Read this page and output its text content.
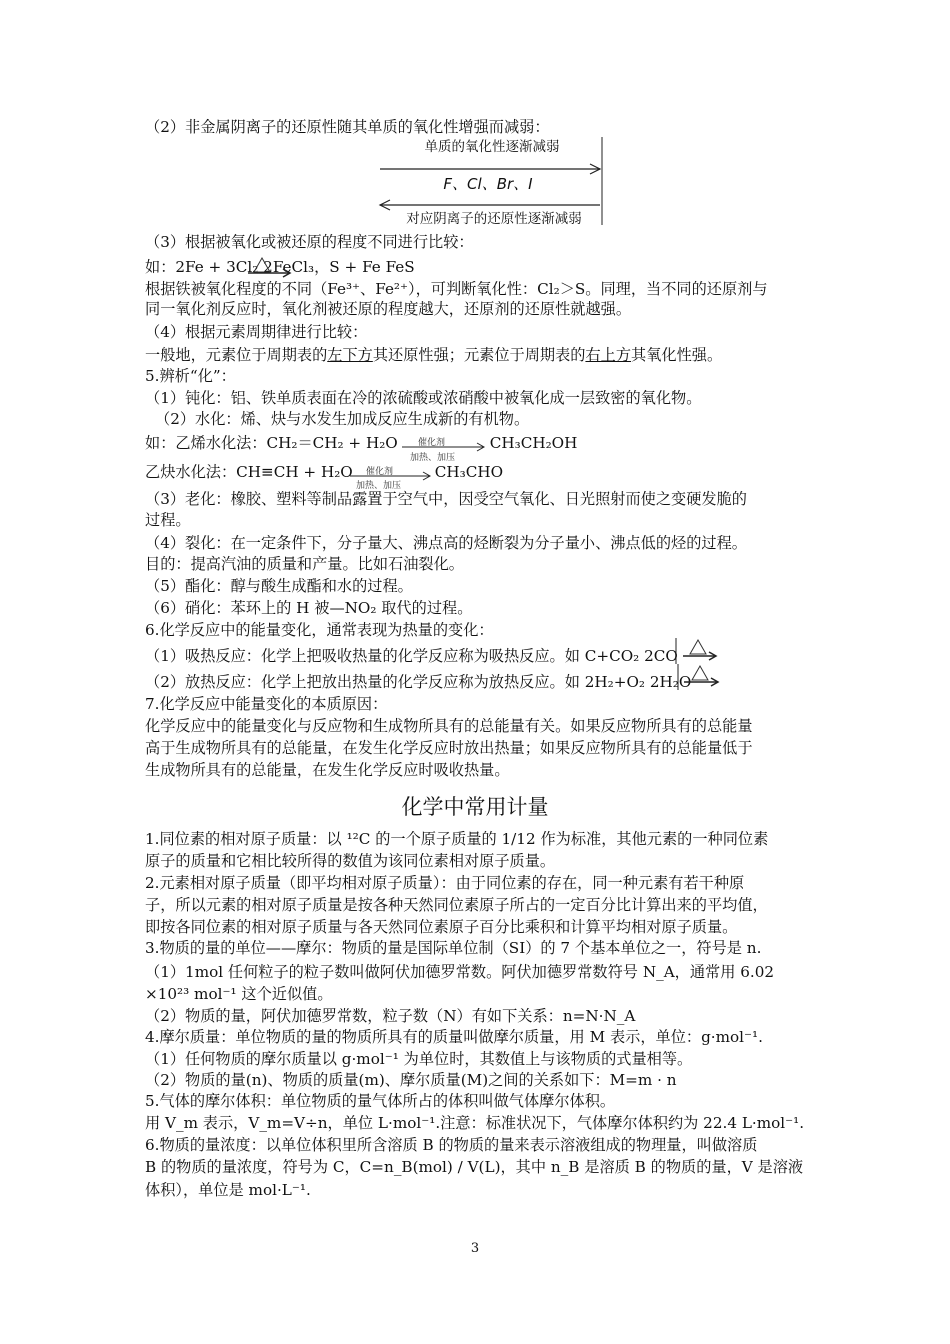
（2）非金属阴离子的还原性随其单质的氧化性增强而减弱：
单质的氧化性逐渐减弱
F、Cl、Br、I
对应阴离子的还原性逐渐减弱
（3）根据被氧化或被还原的程度不同进行比较：
如：2Fe + 3Cl₂ 2FeCl₃，S + Fe FeS
根据铁被氧化程度的不同（Fe³⁺、Fe²⁺），可判断氧化性：Cl₂＞S。同理，当不同的还原剂与
同一氧化剂反应时，氧化剂被还原的程度越大，还原剂的还原性就越强。
（4）根据元素周期律进行比较：
一般地，元素位于周期表的左下方其还原性强；元素位于周期表的右上方其氧化性强。
5.辨析“化”：
（1）钝化：铝、铁单质表面在冷的浓硫酸或浓硝酸中被氧化成一层致密的氧化物。
（2）水化：烯、炔与水发生加成反应生成新的有机物。
如：乙烯水化法：CH₂＝CH₂ + H₂O	CH₃CH₂OH
催化剂
加热、加压
乙炔水化法：CH≡CH + H₂O	CH₃CHO
催化剂
加热、加压
（3）老化：橡胶、塑料等制品露置于空气中，因受空气氧化、日光照射而使之变硬发脆的
过程。
（4）裂化：在一定条件下，分子量大、沸点高的烃断裂为分子量小、沸点低的烃的过程。
目的：提高汽油的质量和产量。比如石油裂化。
（5）酯化：醇与酸生成酯和水的过程。
（6）硝化：苯环上的 H 被—NO₂ 取代的过程。
6.化学反应中的能量变化，通常表现为热量的变化：
（1）吸热反应：化学上把吸收热量的化学反应称为吸热反应。如 C+CO₂ 2CO
（2）放热反应：化学上把放出热量的化学反应称为放热反应。如 2H₂+O₂ 2H₂O
7.化学反应中能量变化的本质原因：
化学反应中的能量变化与反应物和生成物所具有的总能量有关。如果反应物所具有的总能量
高于生成物所具有的总能量，在发生化学反应时放出热量；如果反应物所具有的总能量低于
生成物所具有的总能量，在发生化学反应时吸收热量。
化学中常用计量
1.同位素的相对原子质量：以 ¹²C 的一个原子质量的 1/12 作为标准，其他元素的一种同位素
原子的质量和它相比较所得的数值为该同位素相对原子质量。
2.元素相对原子质量（即平均相对原子质量）：由于同位素的存在，同一种元素有若干种原
子，所以元素的相对原子质量是按各种天然同位素原子所占的一定百分比计算出来的平均值，
即按各同位素的相对原子质量与各天然同位素原子百分比乘积和计算平均相对原子质量。
3.物质的量的单位——摩尔：物质的量是国际单位制（SI）的 7 个基本单位之一，符号是 n.
（1）1mol 任何粒子的粒子数叫做阿伏加德罗常数。阿伏加德罗常数符号 N_A，通常用 6.02
×10²³ mol⁻¹ 这个近似值。
（2）物质的量，阿伏加德罗常数，粒子数（N）有如下关系：n=N·N_A
4.摩尔质量：单位物质的量的物质所具有的质量叫做摩尔质量，用 M 表示，单位：g·mol⁻¹.
（1）任何物质的摩尔质量以 g·mol⁻¹ 为单位时，其数值上与该物质的式量相等。
（2）物质的量(n)、物质的质量(m)、摩尔质量(M)之间的关系如下：M=m · n
5.气体的摩尔体积：单位物质的量气体所占的体积叫做气体摩尔体积。
用 V_m 表示，V_m=V÷n，单位 L·mol⁻¹.注意：标准状况下，气体摩尔体积约为 22.4 L·mol⁻¹.
6.物质的量浓度：以单位体积里所含溶质 B 的物质的量来表示溶液组成的物理量，叫做溶质
B 的物质的量浓度，符号为 C，C=n_B(mol) / V(L)，其中 n_B 是溶质 B 的物质的量，V 是溶液
体积），单位是 mol·L⁻¹.
3
